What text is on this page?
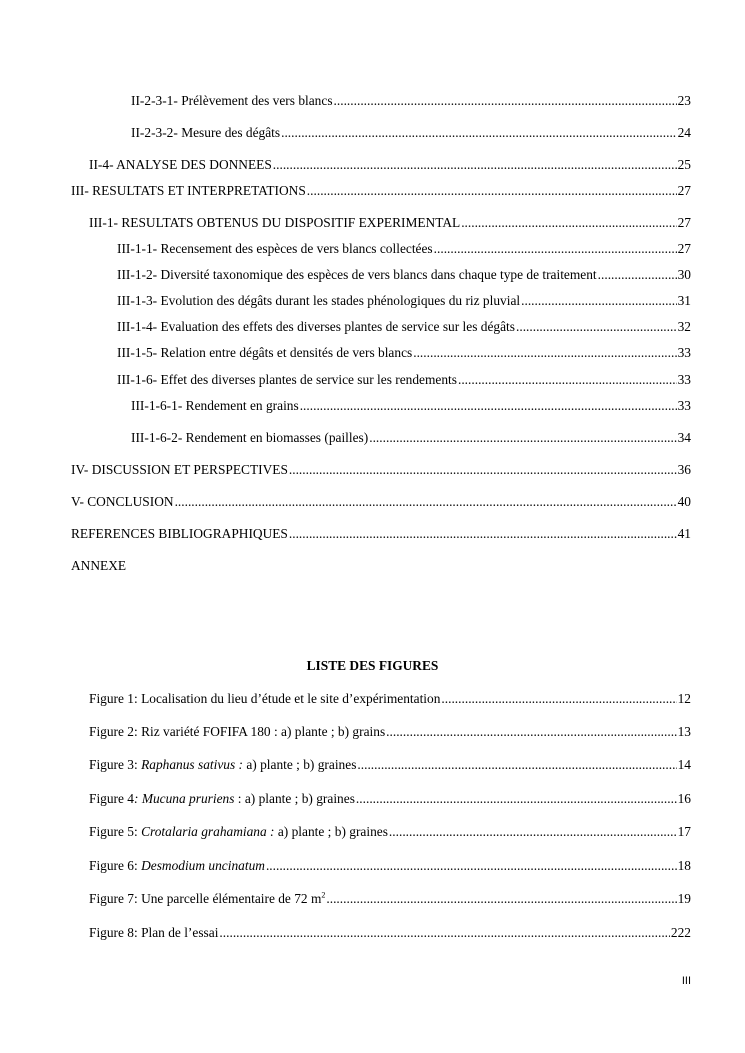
II-2-3-1- Prélèvement des vers blancs .....	23
II-2-3-2- Mesure des dégâts .....	24
II-4- ANALYSE DES DONNEES .....	25
III- RESULTATS ET INTERPRETATIONS .....	27
III-1- RESULTATS OBTENUS DU DISPOSITIF EXPERIMENTAL .....	27
III-1-1- Recensement des espèces de vers blancs collectées .....	27
III-1-2- Diversité taxonomique des espèces de vers blancs dans chaque type de traitement .....	30
III-1-3- Evolution des dégâts durant les stades phénologiques du riz pluvial .....	31
III-1-4- Evaluation des effets des diverses plantes de service sur les dégâts .....	32
III-1-5- Relation entre dégâts et densités de vers blancs .....	33
III-1-6- Effet des diverses plantes de service sur les rendements .....	33
III-1-6-1- Rendement en grains .....	33
III-1-6-2- Rendement en biomasses (pailles) .....	34
IV- DISCUSSION ET PERSPECTIVES .....	36
V- CONCLUSION .....	40
REFERENCES BIBLIOGRAPHIQUES .....	41
ANNEXE
LISTE DES FIGURES
Figure 1: Localisation du lieu d’étude et le site d’expérimentation .....	12
Figure 2: Riz variété FOFIFA 180 : a) plante ; b) grains .....	13
Figure 3: Raphanus sativus : a) plante ; b) graines .....	14
Figure 4: Mucuna pruriens : a) plante ; b) graines .....	16
Figure 5: Crotalaria grahamiana : a) plante ; b) graines .....	17
Figure 6: Desmodium uncinatum .....	18
Figure 7: Une parcelle élémentaire de 72 $m^2$ .....	19
Figure 8: Plan de l’essai .....	222
III
